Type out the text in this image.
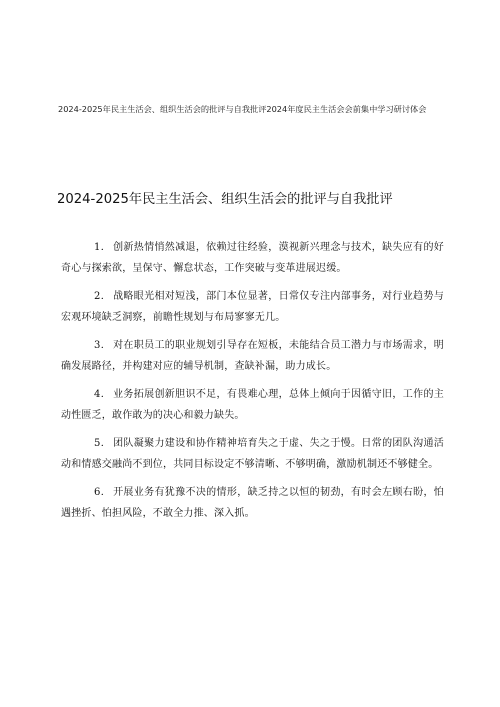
2024-2025年民主生活会、组织生活会的批评与自我批评2024年度民主生活会会前集中学习研讨体会
2024-2025年民主生活会、组织生活会的批评与自我批评

1． 创新热情悄然减退，依赖过往经验，漠视新兴理念与技术，缺失应有的好奇心与探索欲，呈保守、懈怠状态，工作突破与变革进展迟缓。

2． 战略眼光相对短浅，部门本位显著，日常仅专注内部事务，对行业趋势与宏观环境缺乏洞察，前瞻性规划与布局寥寥无几。

3． 对在职员工的职业规划引导存在短板，未能结合员工潜力与市场需求，明确发展路径，并构建对应的辅导机制，查缺补漏，助力成长。

4． 业务拓展创新胆识不足，有畏难心理，总体上倾向于因循守旧，工作的主动性匮乏，敢作敢为的决心和毅力缺失。

5． 团队凝聚力建设和协作精神培育失之于虚、失之于慢。日常的团队沟通活动和情感交融尚不到位，共同目标设定不够清晰、不够明确，激励机制还不够健全。

6． 开展业务有犹豫不决的情形，缺乏持之以恒的韧劲，有时会左顾右盼，怕遇挫折、怕担风险，不敢全力推、深入抓。
